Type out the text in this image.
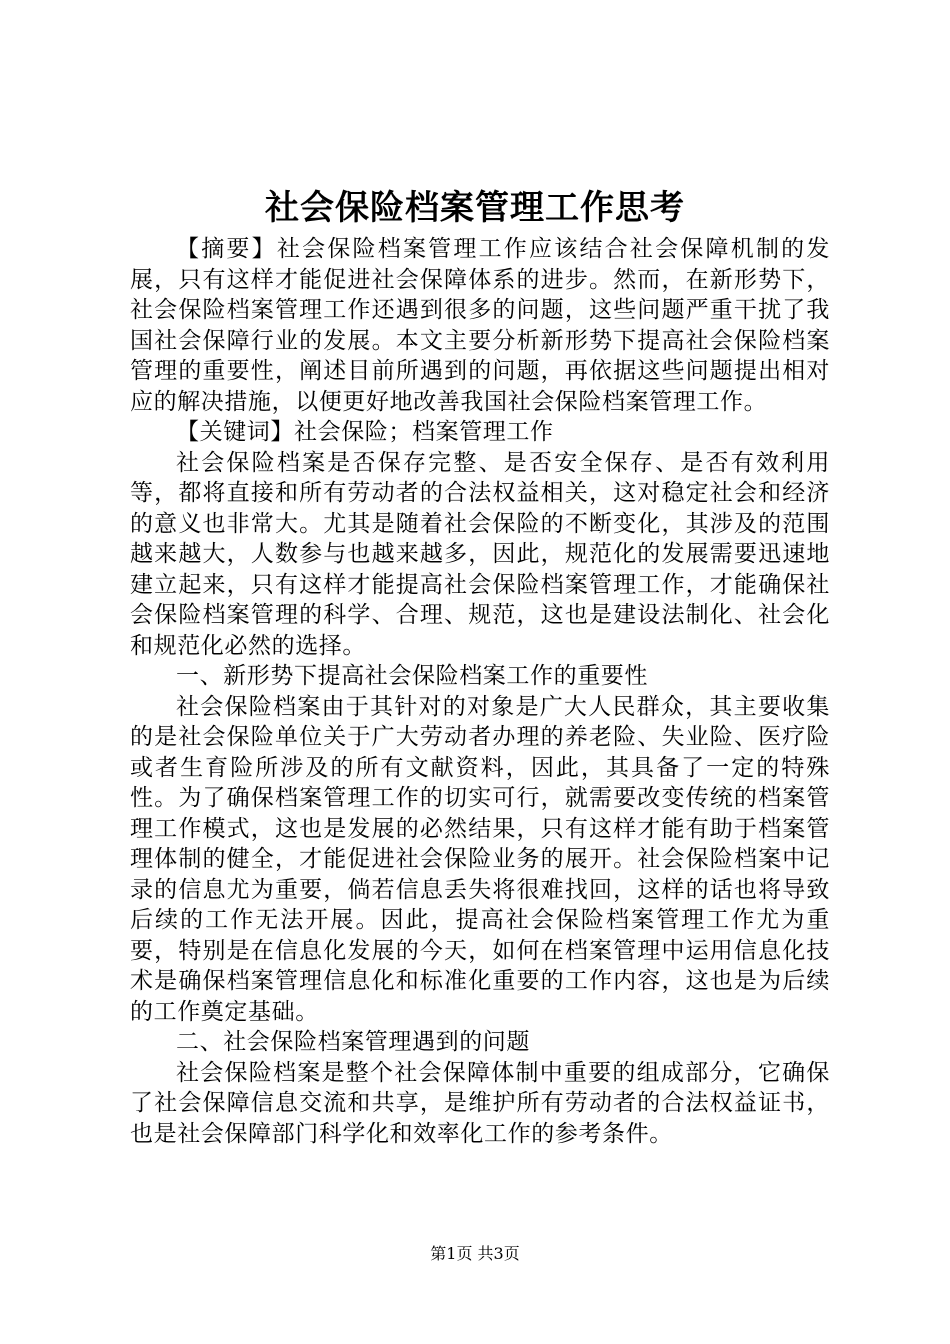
社会保险档案管理工作思考

【摘要】社会保险档案管理工作应该结合社会保障机制的发展，只有这样才能促进社会保障体系的进步。然而，在新形势下，社会保险档案管理工作还遇到很多的问题，这些问题严重干扰了我国社会保障行业的发展。本文主要分析新形势下提高社会保险档案管理的重要性，阐述目前所遇到的问题，再依据这些问题提出相对应的解决措施，以便更好地改善我国社会保险档案管理工作。

【关键词】社会保险；档案管理工作

社会保险档案是否保存完整、是否安全保存、是否有效利用等，都将直接和所有劳动者的合法权益相关，这对稳定社会和经济的意义也非常大。尤其是随着社会保险的不断变化，其涉及的范围越来越大，人数参与也越来越多，因此，规范化的发展需要迅速地建立起来，只有这样才能提高社会保险档案管理工作，才能确保社会保险档案管理的科学、合理、规范，这也是建设法制化、社会化和规范化必然的选择。

一、新形势下提高社会保险档案工作的重要性

社会保险档案由于其针对的对象是广大人民群众，其主要收集的是社会保险单位关于广大劳动者办理的养老险、失业险、医疗险或者生育险所涉及的所有文献资料，因此，其具备了一定的特殊性。为了确保档案管理工作的切实可行，就需要改变传统的档案管理工作模式，这也是发展的必然结果，只有这样才能有助于档案管理体制的健全，才能促进社会保险业务的展开。社会保险档案中记录的信息尤为重要，倘若信息丢失将很难找回，这样的话也将导致后续的工作无法开展。因此，提高社会保险档案管理工作尤为重要，特别是在信息化发展的今天，如何在档案管理中运用信息化技术是确保档案管理信息化和标准化重要的工作内容，这也是为后续的工作奠定基础。

二、社会保险档案管理遇到的问题

社会保险档案是整个社会保障体制中重要的组成部分，它确保了社会保障信息交流和共享，是维护所有劳动者的合法权益证书，也是社会保障部门科学化和效率化工作的参考条件。

第1页 共3页
